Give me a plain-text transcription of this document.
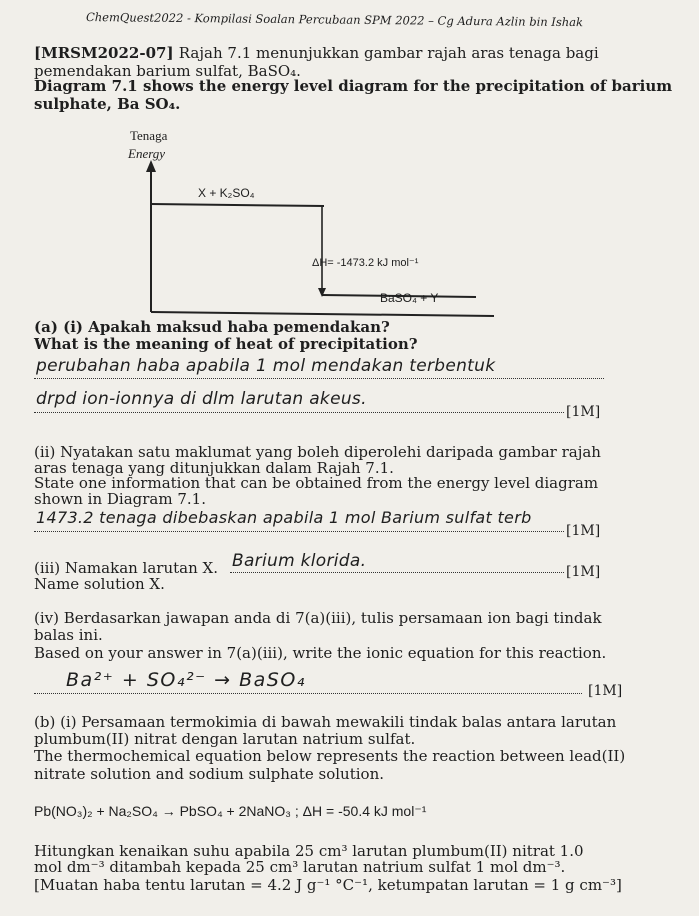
ChemQuest2022 - Kompilasi Soalan Percubaan SPM 2022 – Cg Adura Azlin bin Ishak
[MRSM2022-07] Rajah 7.1 menunjukkan gambar rajah aras tenaga bagi
pemendakan barium sulfat, BaSO₄.
Diagram 7.1 shows the energy level diagram for the precipitation of barium
sulphate, Ba SO₄.
Tenaga
Energy
X + K₂SO₄
ΔH= -1473.2 kJ mol⁻¹
BaSO₄ + Y
(a) (i) Apakah maksud haba pemendakan?
What is the meaning of heat of precipitation?
perubahan haba apabila 1 mol mendakan terbentuk
drpd ion-ionnya di dlm larutan akeus.
[1M]
(ii) Nyatakan satu maklumat yang boleh diperolehi daripada gambar rajah
aras tenaga yang ditunjukkan dalam Rajah 7.1.
State one information that can be obtained from the energy level diagram
shown in Diagram 7.1.
1473.2 tenaga dibebaskan apabila 1 mol Barium sulfat terb
[1M]
(iii) Namakan larutan X.
Name solution X.
Barium klorida.
[1M]
(iv) Berdasarkan jawapan anda di 7(a)(iii), tulis persamaan ion bagi tindak
balas ini.
Based on your answer in 7(a)(iii), write the ionic equation for this reaction.
Ba²⁺ + SO₄²⁻ → BaSO₄	[1M]
(b) (i) Persamaan termokimia di bawah mewakili tindak balas antara larutan
plumbum(II) nitrat dengan larutan natrium sulfat.
The thermochemical equation below represents the reaction between lead(II)
nitrate solution and sodium sulphate solution.
Pb(NO₃)₂ + Na₂SO₄ → PbSO₄ + 2NaNO₃ ; ΔH = -50.4 kJ mol⁻¹
Hitungkan kenaikan suhu apabila 25 cm³ larutan plumbum(II) nitrat 1.0
mol dm⁻³ ditambah kepada 25 cm³ larutan natrium sulfat 1 mol dm⁻³.
[Muatan haba tentu larutan = 4.2 J g⁻¹ °C⁻¹, ketumpatan larutan = 1 g cm⁻³]
